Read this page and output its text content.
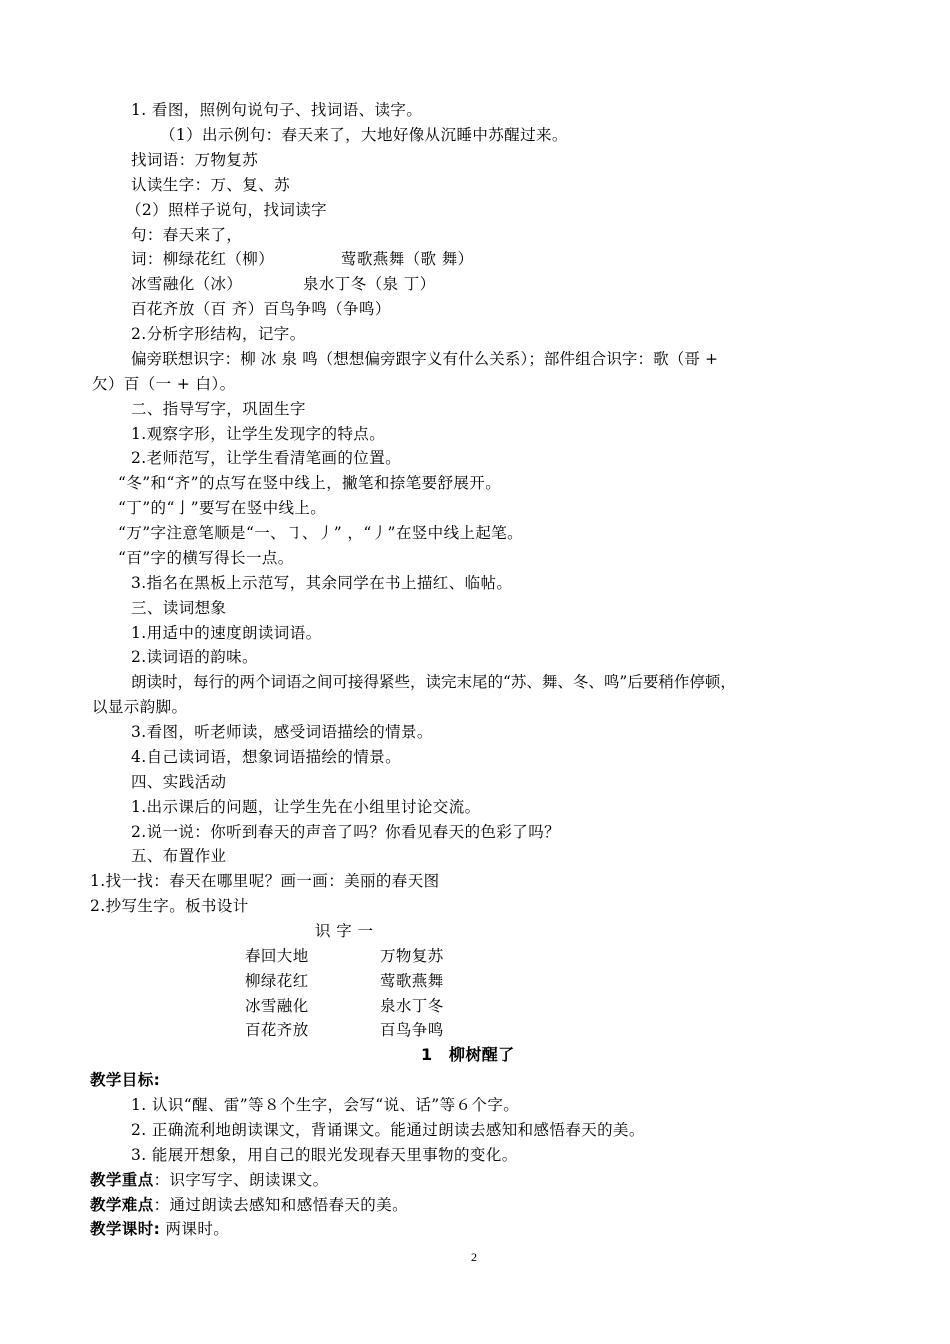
1. 看图，照例句说句子、找词语、读字。
（1）出示例句：春天来了，大地好像从沉睡中苏醒过来。
找词语：万物复苏
认读生字：万、复、苏
（2）照样子说句，找词读字
句：春天来了，
词：柳绿花红（柳）	莺歌燕舞（歌 舞）
冰雪融化（冰）	泉水丁冬（泉 丁）
百花齐放（百 齐）百鸟争鸣（争鸣）
2.分析字形结构，记字。
偏旁联想识字：柳 冰 泉 鸣（想想偏旁跟字义有什么关系）；部件组合识字：歌（哥 +
欠）百（一 + 白）。
二、指导写字，巩固生字
1.观察字形，让学生发现字的特点。
2.老师范写，让学生看清笔画的位置。
“冬”和“齐”的点写在竖中线上，撇笔和捺笔要舒展开。
“丁”的“亅”要写在竖中线上。
“万”字注意笔顺是“一、㇆、丿” ，“丿”在竖中线上起笔。
“百”字的横写得长一点。
3.指名在黑板上示范写，其余同学在书上描红、临帖。
三、读词想象
1.用适中的速度朗读词语。
2.读词语的韵味。
朗读时，每行的两个词语之间可接得紧些，读完末尾的“苏、舞、冬、鸣”后要稍作停顿，
以显示韵脚。
3.看图，听老师读，感受词语描绘的情景。
4.自己读词语，想象词语描绘的情景。
四、实践活动
1.出示课后的问题，让学生先在小组里讨论交流。
2.说一说：你听到春天的声音了吗？你看见春天的色彩了吗？
五、布置作业
1.找一找：春天在哪里呢？画一画：美丽的春天图
2.抄写生字。板书设计
识 字 一
春回大地	万物复苏
柳绿花红	莺歌燕舞
冰雪融化	泉水丁冬
百花齐放	百鸟争鸣
1　柳树醒了
教学目标:
1. 认识“醒、雷”等８个生字，会写“说、话”等６个字。
2. 正确流利地朗读课文，背诵课文。能通过朗读去感知和感悟春天的美。
3. 能展开想象，用自己的眼光发现春天里事物的变化。
教学重点：识字写字、朗读课文。
教学难点：通过朗读去感知和感悟春天的美。
教学课时: 两课时。
2
